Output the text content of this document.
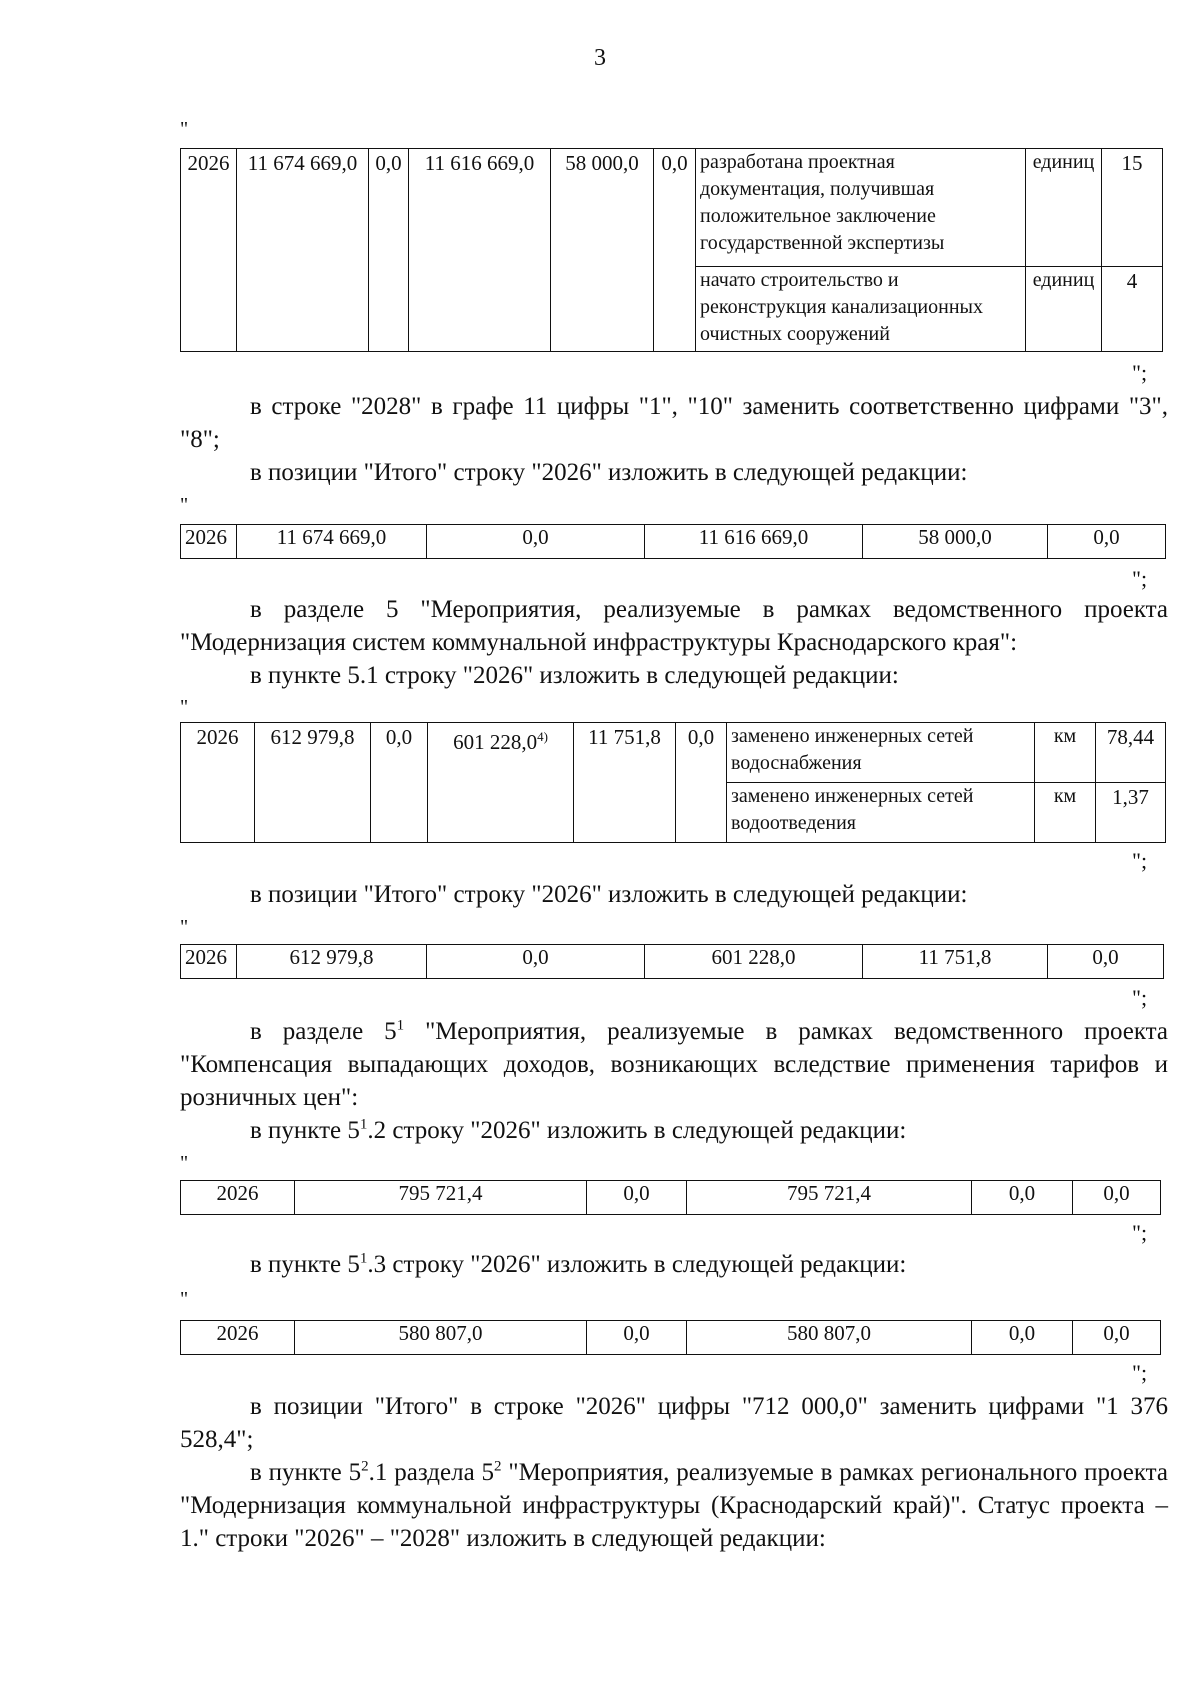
3
"
2026	11 674 669,0	0,0	11 616 669,0	58 000,0	0,0	разработана проектная документация, получившая положительное заключение государственной экспертизы	единиц	15
						начато строительство и реконструкция канализационных очистных сооружений	единиц	4
";

в строке "2028" в графе 11 цифры "1", "10" заменить соответственно цифрами "3", "8";

в позиции "Итого" строку "2026" изложить в следующей редакции:

"
2026	11 674 669,0	0,0	11 616 669,0	58 000,0	0,0
";

в разделе 5 "Мероприятия, реализуемые в рамках ведомственного проекта "Модернизация систем коммунальной инфраструктуры Краснодарского края":

в пункте 5.1 строку "2026" изложить в следующей редакции:

"
2026	612 979,8	0,0	601 228,0$^{4)}$	11 751,8	0,0	заменено инженерных сетей водоснабжения	км	78,44
						заменено инженерных сетей водоотведения	км	1,37
";

в позиции "Итого" строку "2026" изложить в следующей редакции:

"
2026	612 979,8	0,0	601 228,0	11 751,8	0,0
";

в разделе $5^1$ "Мероприятия, реализуемые в рамках ведомственного проекта "Компенсация выпадающих доходов, возникающих вследствие применения тарифов и розничных цен":

в пункте $5^1.2$ строку "2026" изложить в следующей редакции:

"
2026	795 721,4	0,0	795 721,4	0,0	0,0
";

в пункте $5^1.3$ строку "2026" изложить в следующей редакции:

"
2026	580 807,0	0,0	580 807,0	0,0	0,0
";

в позиции "Итого" в строке "2026" цифры "712 000,0" заменить цифрами "1 376 528,4";

в пункте $5^2.1$ раздела $5^2$ "Мероприятия, реализуемые в рамках регионального проекта "Модернизация коммунальной инфраструктуры (Краснодарский край)". Статус проекта – 1." строки "2026" – "2028" изложить в следующей редакции:
